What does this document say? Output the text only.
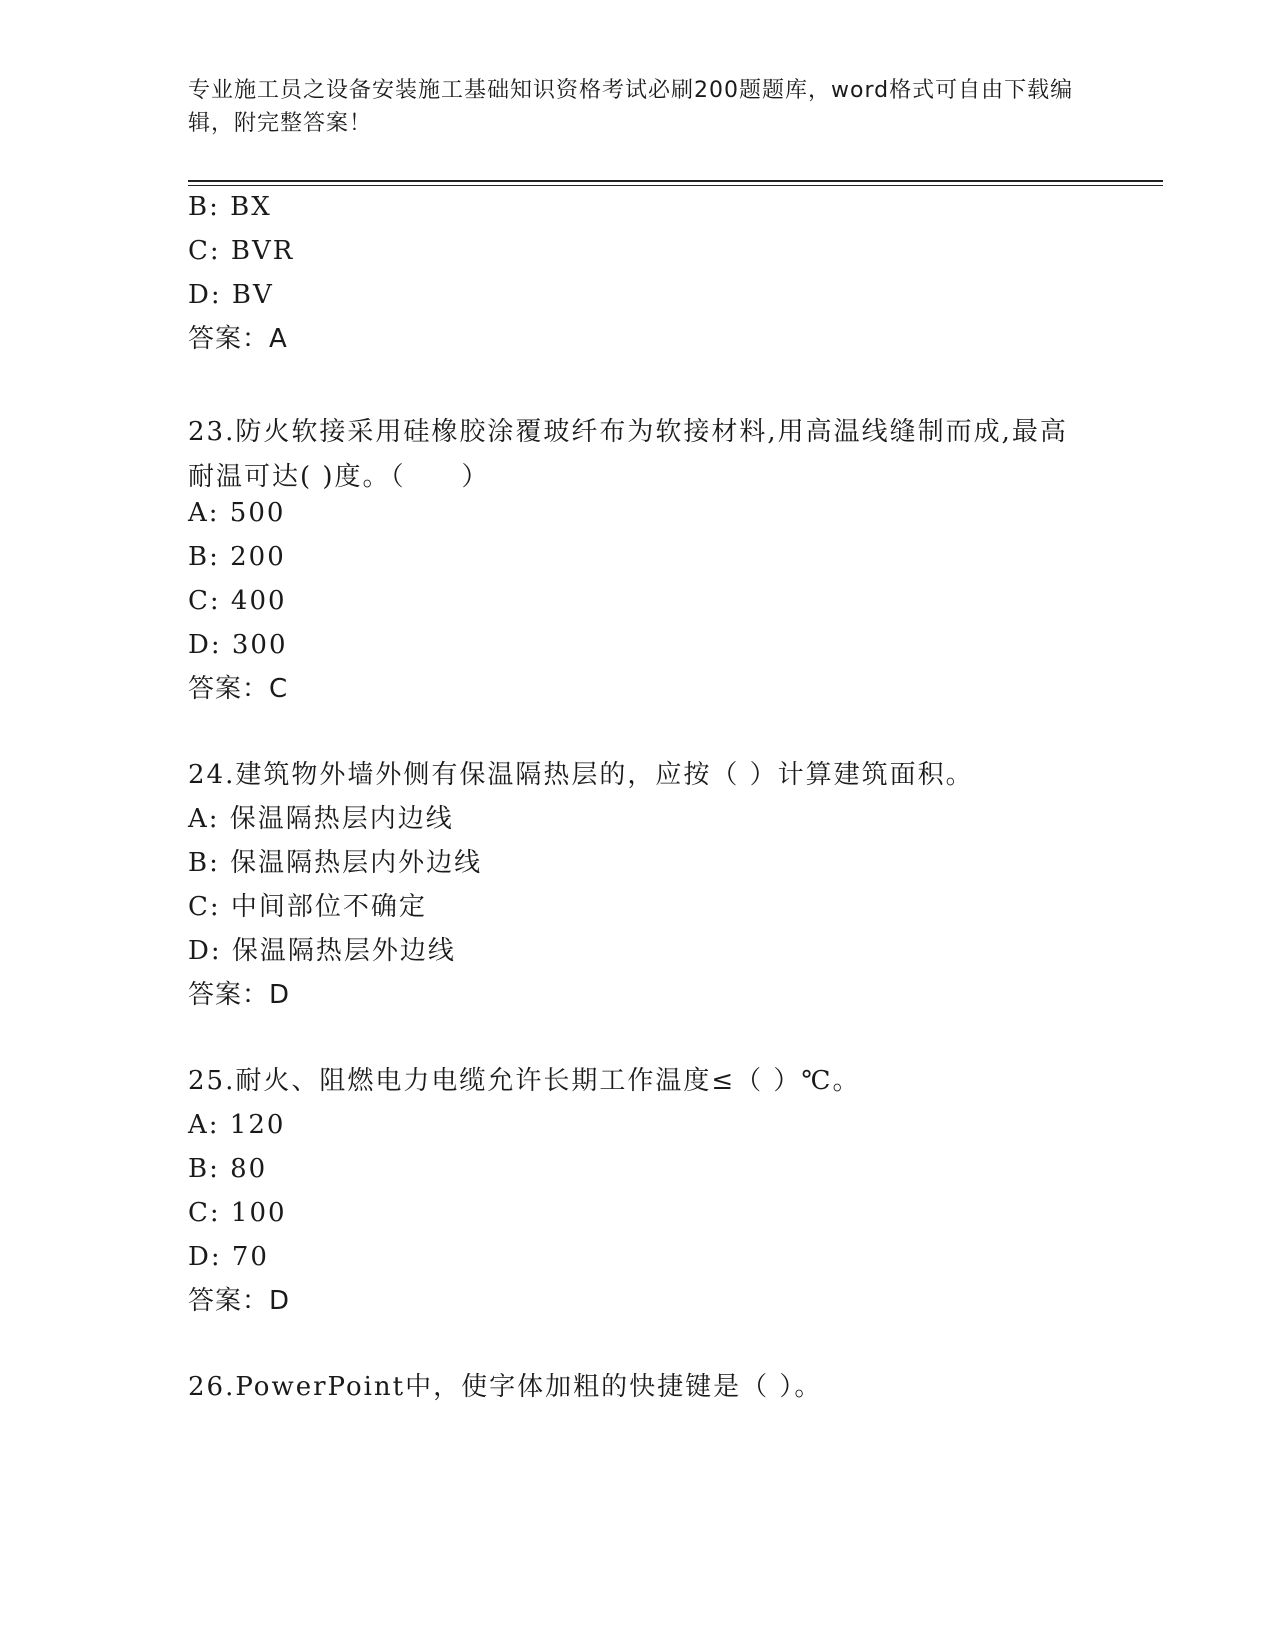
专业施工员之设备安装施工基础知识资格考试必刷200题题库，word格式可自由下载编辑，附完整答案！
B: BX
C: BVR
D: BV
答案：A
23.防火软接采用硅橡胶涂覆玻纤布为软接材料,用高温线缝制而成,最高耐温可达( )度。（　　）
A: 500
B: 200
C: 400
D: 300
答案：C
24.建筑物外墙外侧有保温隔热层的，应按（ ）计算建筑面积。
A: 保温隔热层内边线
B: 保温隔热层内外边线
C: 中间部位不确定
D: 保温隔热层外边线
答案：D
25.耐火、阻燃电力电缆允许长期工作温度≤（ ）℃。
A: 120
B: 80
C: 100
D: 70
答案：D
26.PowerPoint中，使字体加粗的快捷键是（ ）。
